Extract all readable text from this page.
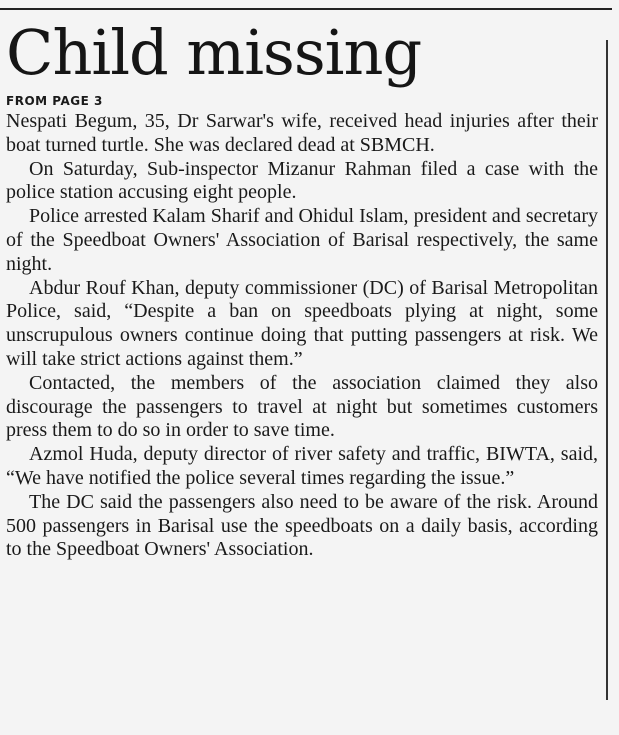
Child missing
FROM PAGE 3

Nespati Begum, 35, Dr Sarwar's wife, received head injuries after their boat turned turtle. She was declared dead at SBMCH.

On Saturday, Sub-inspector Mizanur Rahman filed a case with the police station accusing eight people.

Police arrested Kalam Sharif and Ohidul Islam, president and secretary of the Speedboat Owners' Association of Barisal respectively, the same night.

Abdur Rouf Khan, deputy commissioner (DC) of Barisal Metropolitan Police, said, “Despite a ban on speedboats plying at night, some unscrupulous owners continue doing that putting passengers at risk. We will take strict actions against them.”

Contacted, the members of the association claimed they also discourage the passengers to travel at night but sometimes customers press them to do so in order to save time.

Azmol Huda, deputy director of river safety and traffic, BIWTA, said, “We have notified the police several times regarding the issue.”

The DC said the passengers also need to be aware of the risk. Around 500 passengers in Barisal use the speedboats on a daily basis, according to the Speedboat Owners' Association.
